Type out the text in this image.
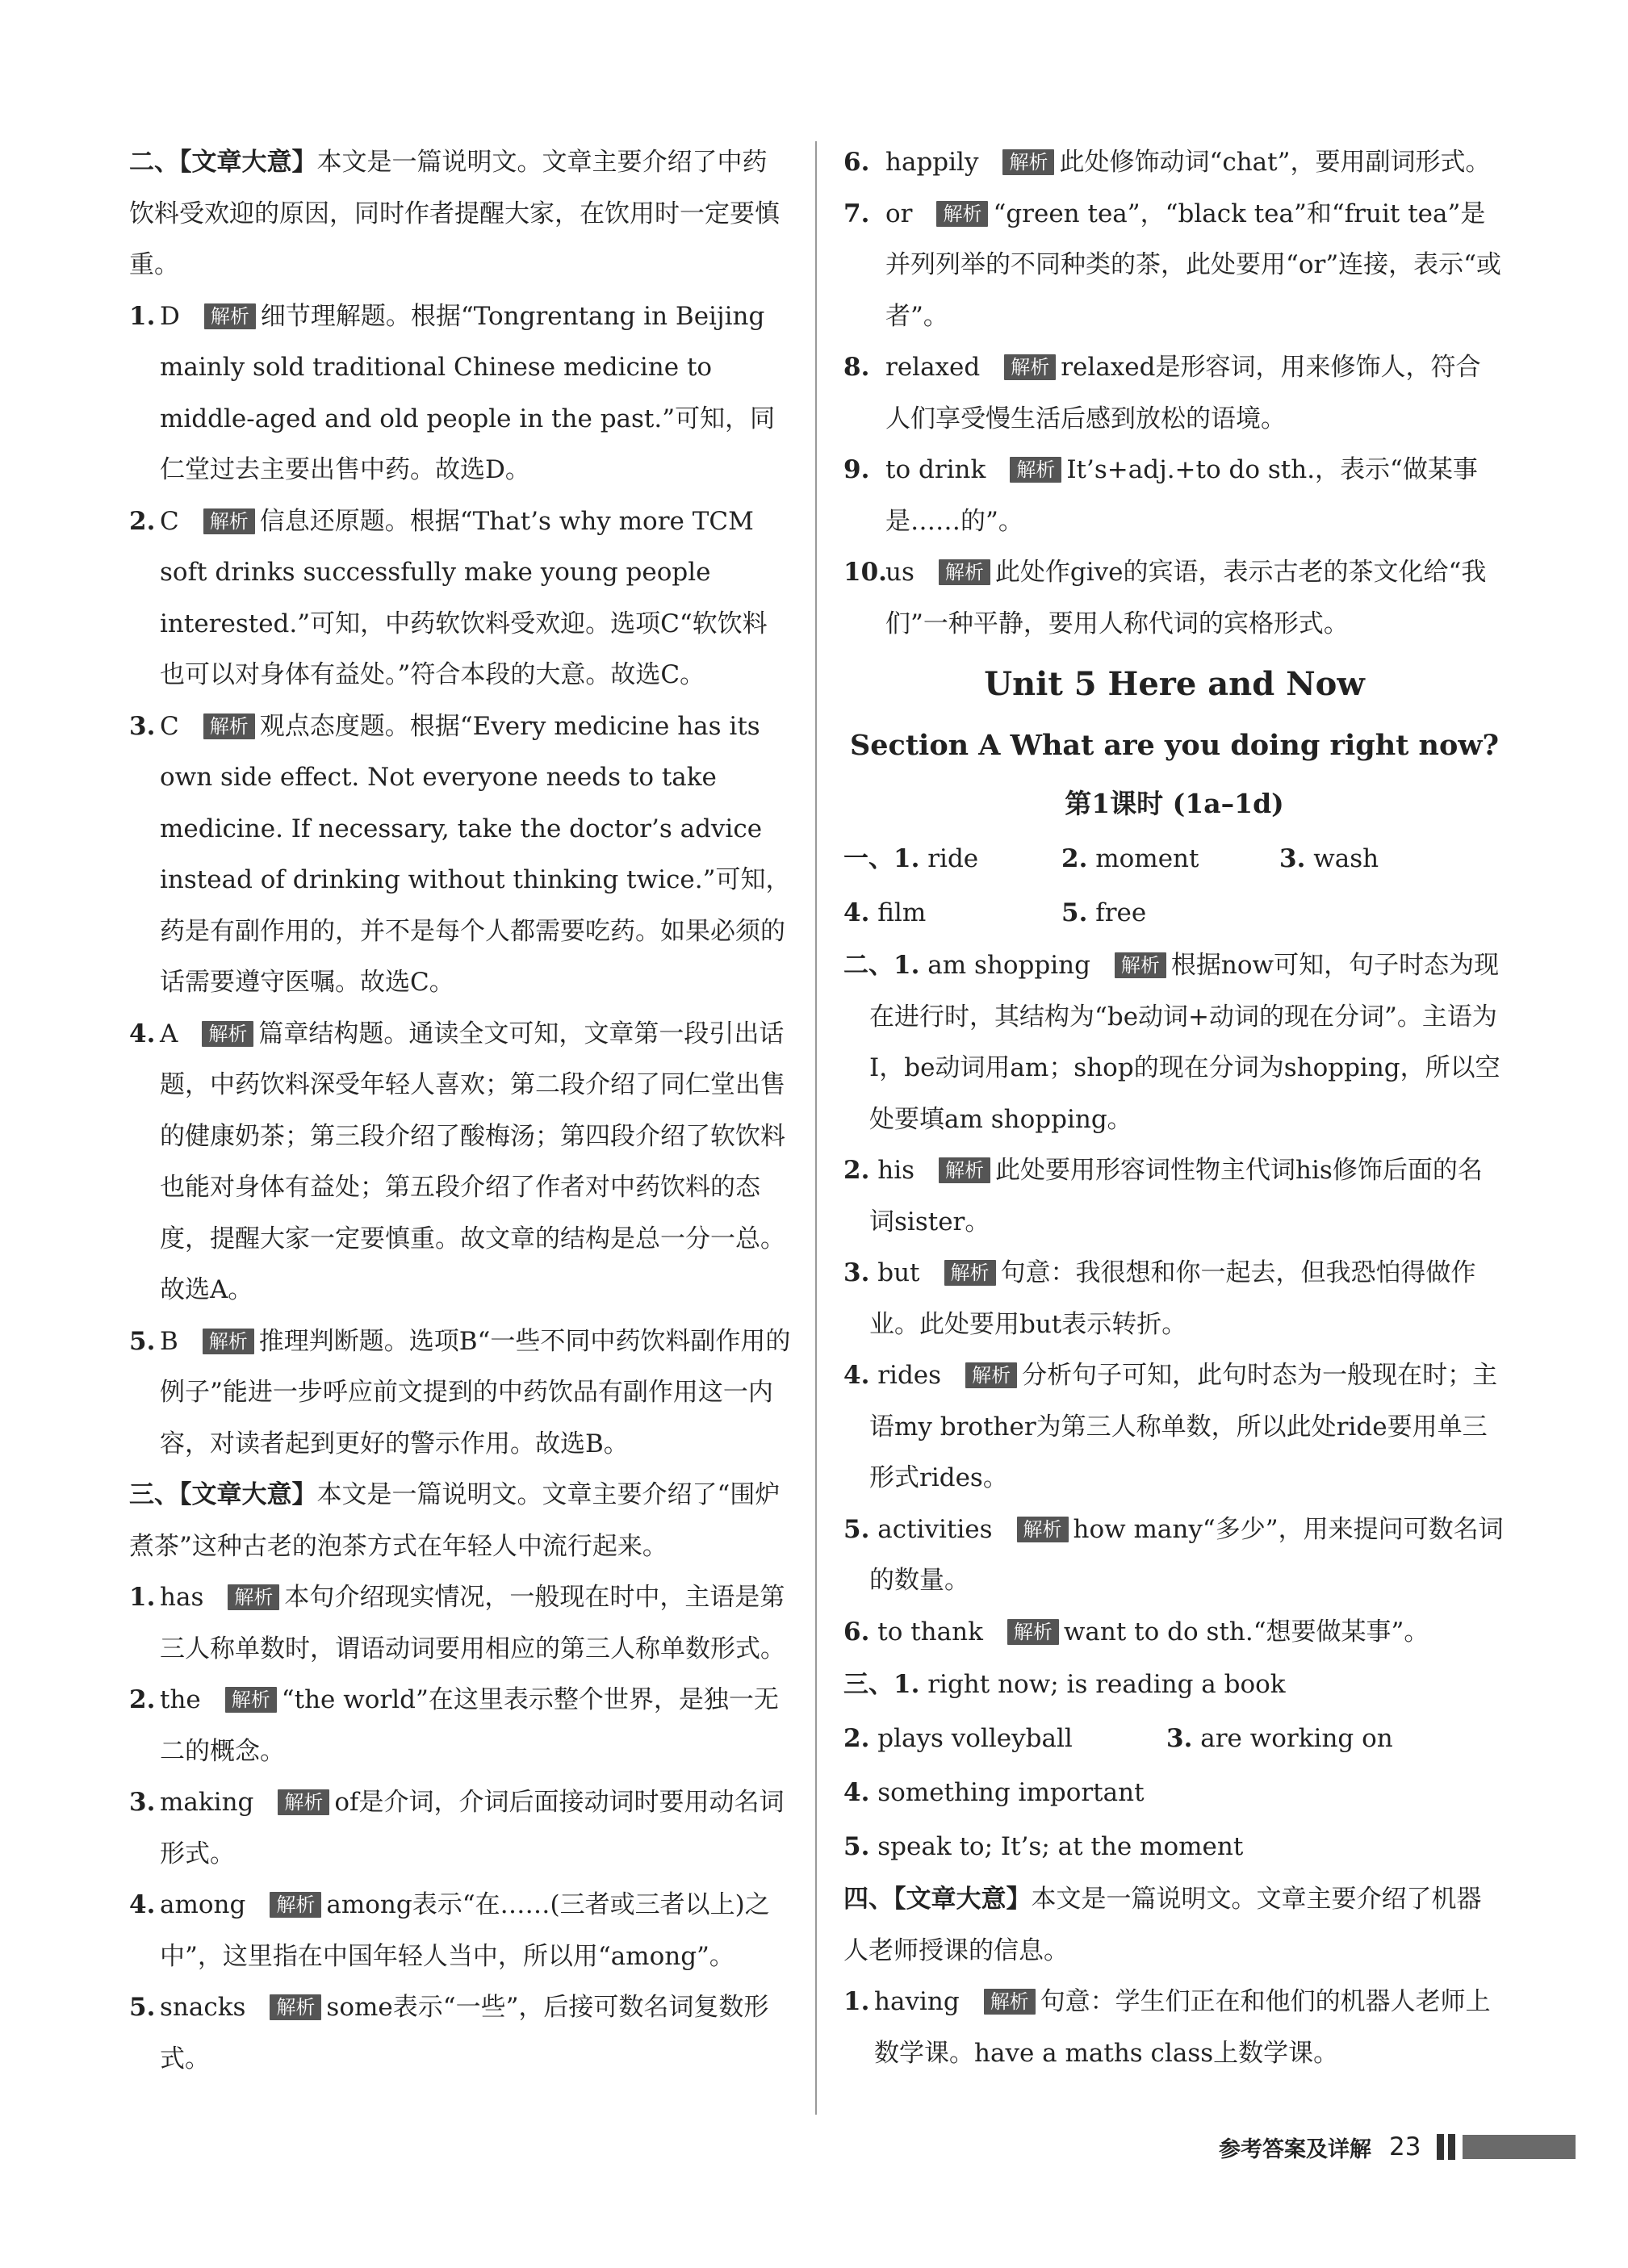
二、【文章大意】本文是一篇说明文。文章主要介绍了中药饮料受欢迎的原因，同时作者提醒大家，在饮用时一定要慎重。

1. D 解析 细节理解题。根据“Tongrentang in Beijing mainly sold traditional Chinese medicine to middle-aged and old people in the past.”可知，同仁堂过去主要出售中药。故选D。

2. C 解析 信息还原题。根据“That’s why more TCM soft drinks successfully make young people interested.”可知，中药软饮料受欢迎。选项C“软饮料也可以对身体有益处。”符合本段的大意。故选C。

3. C 解析 观点态度题。根据“Every medicine has its own side effect. Not everyone needs to take medicine. If necessary, take the doctor’s advice instead of drinking without thinking twice.”可知，药是有副作用的，并不是每个人都需要吃药。如果必须的话需要遵守医嘱。故选C。

4. A 解析 篇章结构题。通读全文可知，文章第一段引出话题，中药饮料深受年轻人喜欢；第二段介绍了同仁堂出售的健康奶茶；第三段介绍了酸梅汤；第四段介绍了软饮料也能对身体有益处；第五段介绍了作者对中药饮料的态度，提醒大家一定要慎重。故文章的结构是总一分一总。故选A。

5. B 解析 推理判断题。选项B“一些不同中药饮料副作用的例子”能进一步呼应前文提到的中药饮品有副作用这一内容，对读者起到更好的警示作用。故选B。

三、【文章大意】本文是一篇说明文。文章主要介绍了“围炉煮茶”这种古老的泡茶方式在年轻人中流行起来。

1. has 解析 本句介绍现实情况，一般现在时中，主语是第三人称单数时，谓语动词要用相应的第三人称单数形式。

2. the 解析 “the world”在这里表示整个世界，是独一无二的概念。

3. making 解析 of是介词，介词后面接动词时要用动名词形式。

4. among 解析 among表示“在……(三者或三者以上)之中”，这里指在中国年轻人当中，所以用“among”。

5. snacks 解析 some表示“一些”，后接可数名词复数形式。

6. happily 解析 此处修饰动词“chat”，要用副词形式。

7. or 解析 “green tea”，“black tea”和“fruit tea”是并列列举的不同种类的茶，此处要用“or”连接，表示“或者”。

8. relaxed 解析 relaxed是形容词，用来修饰人，符合人们享受慢生活后感到放松的语境。

9. to drink 解析 It’s+adj.+to do sth.，表示“做某事是……的”。

10.
us 解析 此处作give的宾语，表示古老的茶文化给“我们”一种平静，要用人称代词的宾格形式。

Unit 5 Here and Now

Section A What are you doing right now?

第1课时 (1a–1d)

一、1. ride	2. moment	3. wash
4. film	5. free

二、1. am shopping 解析 根据now可知，句子时态为现在进行时，其结构为“be动词+动词的现在分词”。主语为I，be动词用am；shop的现在分词为shopping，所以空处要填am shopping。

2. his 解析 此处要用形容词性物主代词his修饰后面的名词sister。

3. but 解析 句意：我很想和你一起去，但我恐怕得做作业。此处要用but表示转折。

4. rides 解析 分析句子可知，此句时态为一般现在时；主语my brother为第三人称单数，所以此处ride要用单三形式rides。

5. activities 解析 how many“多少”，用来提问可数名词的数量。

6. to thank 解析 want to do sth.“想要做某事”。

三、1. right now; is reading a book
2. plays volleyball	3. are working on
4. something important
5. speak to; It’s; at the moment

四、【文章大意】本文是一篇说明文。文章主要介绍了机器人老师授课的信息。

1. having 解析 句意：学生们正在和他们的机器人老师上数学课。have a maths class上数学课。

参考答案及详解 23
